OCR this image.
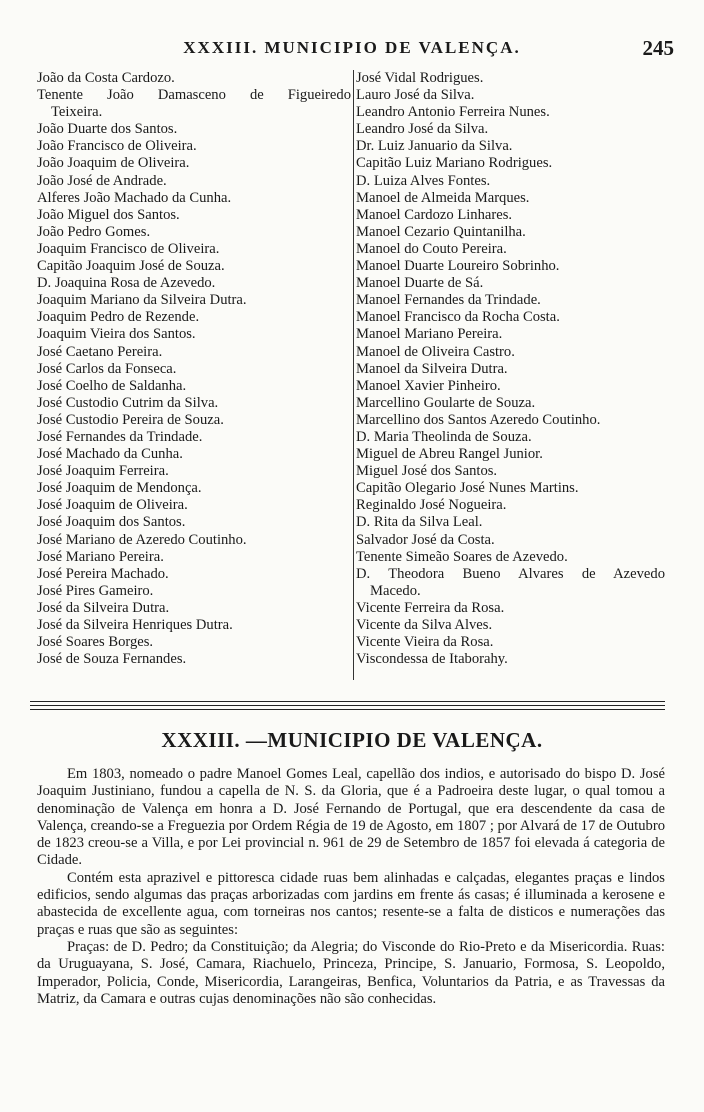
XXXIII. MUNICIPIO DE VALENÇA.	245
João da Costa Cardozo.
Tenente João Damasceno de Figueiredo
Teixeira.
João Duarte dos Santos.
João Francisco de Oliveira.
João Joaquim de Oliveira.
João José de Andrade.
Alferes João Machado da Cunha.
João Miguel dos Santos.
João Pedro Gomes.
Joaquim Francisco de Oliveira.
Capitão Joaquim José de Souza.
D. Joaquina Rosa de Azevedo.
Joaquim Mariano da Silveira Dutra.
Joaquim Pedro de Rezende.
Joaquim Vieira dos Santos.
José Caetano Pereira.
José Carlos da Fonseca.
José Coelho de Saldanha.
José Custodio Cutrim da Silva.
José Custodio Pereira de Souza.
José Fernandes da Trindade.
José Machado da Cunha.
José Joaquim Ferreira.
José Joaquim de Mendonça.
José Joaquim de Oliveira.
José Joaquim dos Santos.
José Mariano de Azeredo Coutinho.
José Mariano Pereira.
José Pereira Machado.
José Pires Gameiro.
José da Silveira Dutra.
José da Silveira Henriques Dutra.
José Soares Borges.
José de Souza Fernandes.
José Vidal Rodrigues.
Lauro José da Silva.
Leandro Antonio Ferreira Nunes.
Leandro José da Silva.
Dr. Luiz Januario da Silva.
Capitão Luiz Mariano Rodrigues.
D. Luiza Alves Fontes.
Manoel de Almeida Marques.
Manoel Cardozo Linhares.
Manoel Cezario Quintanilha.
Manoel do Couto Pereira.
Manoel Duarte Loureiro Sobrinho.
Manoel Duarte de Sá.
Manoel Fernandes da Trindade.
Manoel Francisco da Rocha Costa.
Manoel Mariano Pereira.
Manoel de Oliveira Castro.
Manoel da Silveira Dutra.
Manoel Xavier Pinheiro.
Marcellino Goularte de Souza.
Marcellino dos Santos Azeredo Coutinho.
D. Maria Theolinda de Souza.
Miguel de Abreu Rangel Junior.
Miguel José dos Santos.
Capitão Olegario José Nunes Martins.
Reginaldo José Nogueira.
D. Rita da Silva Leal.
Salvador José da Costa.
Tenente Simeão Soares de Azevedo.
D. Theodora Bueno Alvares de Azevedo
Macedo.
Vicente Ferreira da Rosa.
Vicente da Silva Alves.
Vicente Vieira da Rosa.
Viscondessa de Itaborahy.
XXXIII. —MUNICIPIO DE VALENÇA.

Em 1803, nomeado o padre Manoel Gomes Leal, capellão dos indios, e autorisado do bispo D. José Joaquim Justiniano, fundou a capella de N. S. da Gloria, que é a Padroeira deste lugar, o qual tomou a denominação de Valença em honra a D. José Fernando de Portugal, que era descendente da casa de Valença, creando-se a Freguezia por Ordem Régia de 19 de Agosto, em 1807 ; por Alvará de 17 de Outubro de 1823 creou-se a Villa, e por Lei provincial n. 961 de 29 de Setembro de 1857 foi elevada á categoria de Cidade.

Contém esta aprazivel e pittoresca cidade ruas bem alinhadas e calçadas, elegantes praças e lindos edificios, sendo algumas das praças arborizadas com jardins em frente ás casas; é illuminada a kerosene e abastecida de excellente agua, com torneiras nos cantos; resente-se a falta de disticos e numerações das praças e ruas que são as seguintes:

Praças: de D. Pedro; da Constituição; da Alegria; do Visconde do Rio-Preto e da Misericordia. Ruas: da Uruguayana, S. José, Camara, Riachuelo, Princeza, Principe, S. Januario, Formosa, S. Leopoldo, Imperador, Policia, Conde, Misericordia, Larangeiras, Benfica, Voluntarios da Patria, e as Travessas da Matriz, da Camara e outras cujas denominações não são conhecidas.
